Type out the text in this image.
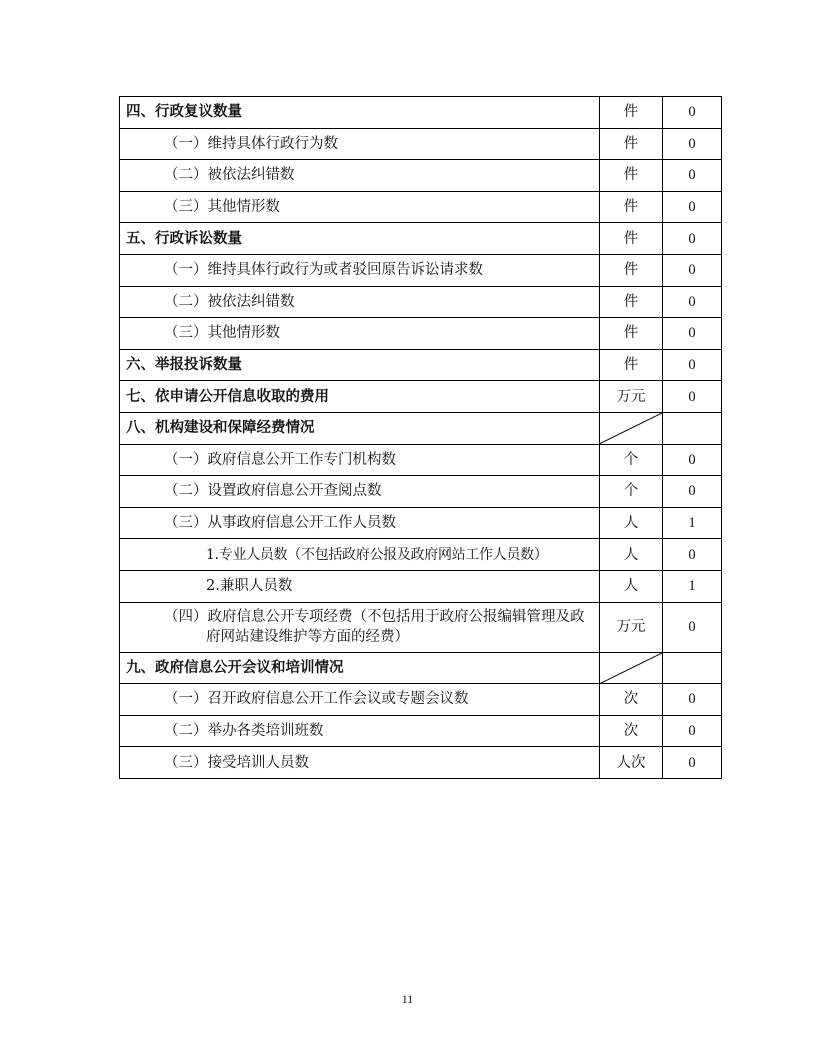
四、行政复议数量	件	0
（一）维持具体行政行为数	件	0
（二）被依法纠错数	件	0
（三）其他情形数	件	0
五、行政诉讼数量	件	0
（一）维持具体行政行为或者驳回原告诉讼请求数	件	0
（二）被依法纠错数	件	0
（三）其他情形数	件	0
六、举报投诉数量	件	0
七、依申请公开信息收取的费用	万元	0
八、机构建设和保障经费情况	

（一）政府信息公开工作专门机构数	个	0
（二）设置政府信息公开查阅点数	个	0
（三）从事政府信息公开工作人员数	人	1
1.专业人员数（不包括政府公报及政府网站工作人员数）	人	0
2.兼职人员数	人	1
（四）政府信息公开专项经费（不包括用于政府公报编辑管理及政府网站建设维护等方面的经费）	万元	0
九、政府信息公开会议和培训情况	

（一）召开政府信息公开工作会议或专题会议数	次	0
（二）举办各类培训班数	次	0
（三）接受培训人员数	人次	0
11
